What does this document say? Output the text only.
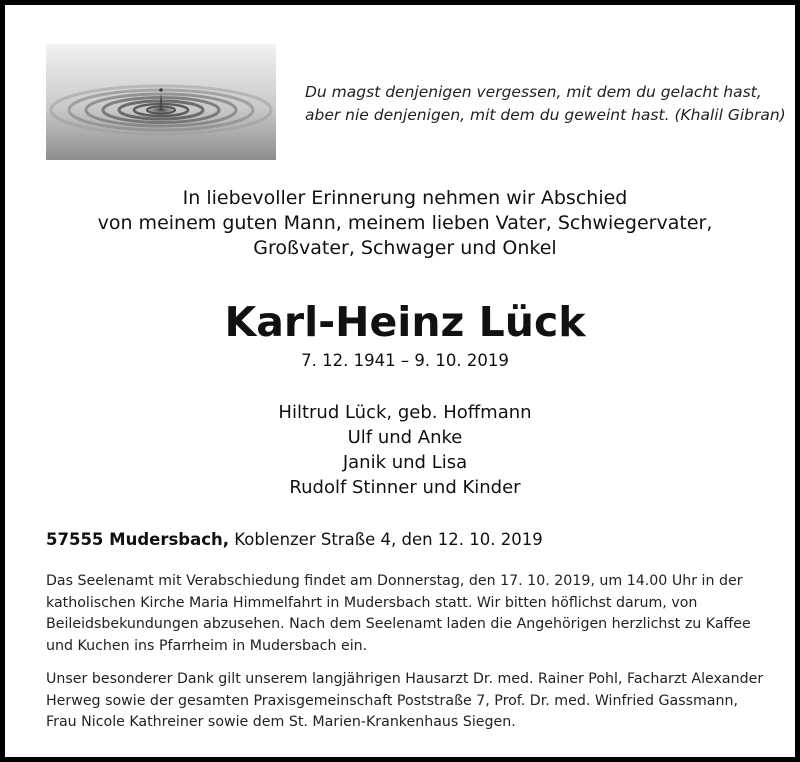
Du magst denjenigen vergessen, mit dem du gelacht hast,
aber nie denjenigen, mit dem du geweint hast. (Khalil Gibran)
In liebevoller Erinnerung nehmen wir Abschied
von meinem guten Mann, meinem lieben Vater, Schwiegervater,
Großvater, Schwager und Onkel
Karl-Heinz Lück
7. 12. 1941 – 9. 10. 2019
Hiltrud Lück, geb. Hoffmann
Ulf und Anke
Janik und Lisa
Rudolf Stinner und Kinder
57555 Mudersbach, Koblenzer Straße 4, den 12. 10. 2019
Das Seelenamt mit Verabschiedung findet am Donnerstag, den 17. 10. 2019, um 14.00 Uhr in der
katholischen Kirche Maria Himmelfahrt in Mudersbach statt. Wir bitten höflichst darum, von
Beileidsbekundungen abzusehen. Nach dem Seelenamt laden die Angehörigen herzlichst zu Kaffee
und Kuchen ins Pfarrheim in Mudersbach ein.
Unser besonderer Dank gilt unserem langjährigen Hausarzt Dr. med. Rainer Pohl, Facharzt Alexander
Herweg sowie der gesamten Praxisgemeinschaft Poststraße 7, Prof. Dr. med. Winfried Gassmann,
Frau Nicole Kathreiner sowie dem St. Marien-Krankenhaus Siegen.
